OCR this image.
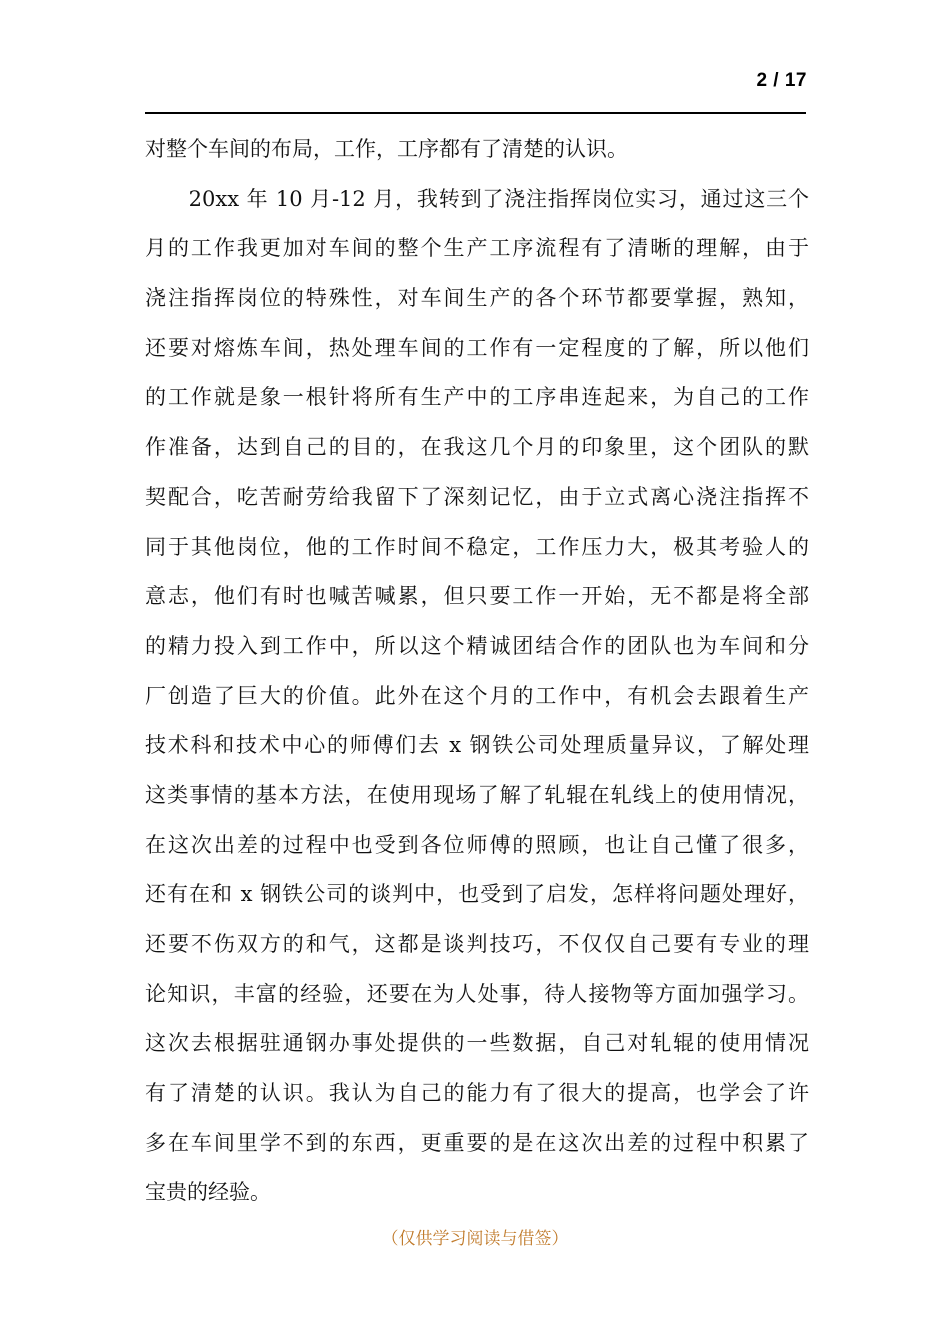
2 / 17
对整个车间的布局，工作，工序都有了清楚的认识。
　　20xx 年 10 月-12 月，我转到了浇注指挥岗位实习，通过这三个
月的工作我更加对车间的整个生产工序流程有了清晰的理解，由于
浇注指挥岗位的特殊性，对车间生产的各个环节都要掌握，熟知，
还要对熔炼车间，热处理车间的工作有一定程度的了解，所以他们
的工作就是象一根针将所有生产中的工序串连起来，为自己的工作
作准备，达到自己的目的，在我这几个月的印象里，这个团队的默
契配合，吃苦耐劳给我留下了深刻记忆，由于立式离心浇注指挥不
同于其他岗位，他的工作时间不稳定，工作压力大，极其考验人的
意志，他们有时也喊苦喊累，但只要工作一开始，无不都是将全部
的精力投入到工作中，所以这个精诚团结合作的团队也为车间和分
厂创造了巨大的价值。此外在这个月的工作中，有机会去跟着生产
技术科和技术中心的师傅们去 x 钢铁公司处理质量异议，了解处理
这类事情的基本方法，在使用现场了解了轧辊在轧线上的使用情况，
在这次出差的过程中也受到各位师傅的照顾，也让自己懂了很多，
还有在和 x 钢铁公司的谈判中，也受到了启发，怎样将问题处理好，
还要不伤双方的和气，这都是谈判技巧，不仅仅自己要有专业的理
论知识，丰富的经验，还要在为人处事，待人接物等方面加强学习。
这次去根据驻通钢办事处提供的一些数据，自己对轧辊的使用情况
有了清楚的认识。我认为自己的能力有了很大的提高，也学会了许
多在车间里学不到的东西，更重要的是在这次出差的过程中积累了
宝贵的经验。
（仅供学习阅读与借签）
